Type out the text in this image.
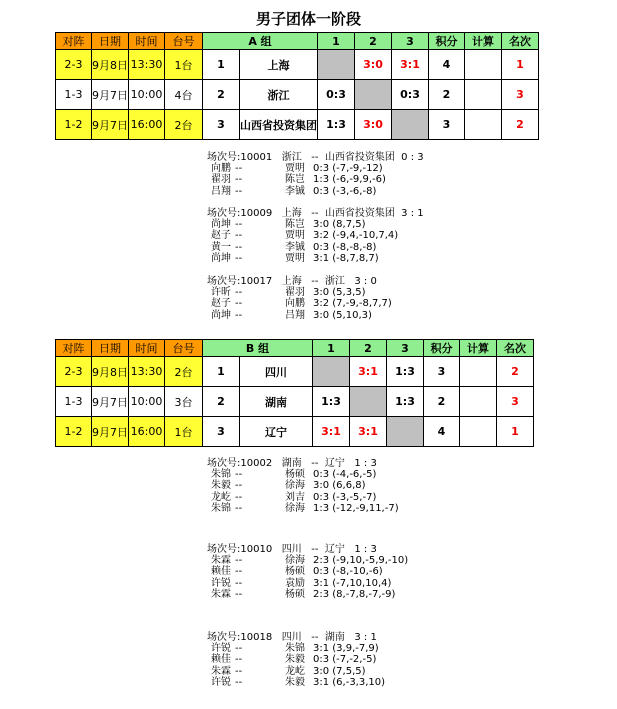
男子团体一阶段
对阵	日期	时间	台号	A 组		1	2	3	积分	计算	名次
2-3	9月8日	13:30	1台	1	上海		3:0	3:1	4		1
1-3	9月7日	10:00	4台	2	浙江	0:3		0:3	2		3
1-2	9月7日	16:00	2台	3	山西省投资集团	1:3	3:0		3		2
对阵	日期	时间	台号	B 组		1	2	3	积分	计算	名次
2-3	9月8日	13:30	2台	1	四川		3:1	1:3	3		2
1-3	9月7日	10:00	3台	2	湖南	1:3		1:3	2		3
1-2	9月7日	16:00	1台	3	辽宁	3:1	3:1		4		1
场次号:10001   浙江   --  山西省投资集团  0 : 3
向鹏 --	贾明 0:3 (-7,-9,-12)
翟羽 --	陈岂 1:3 (-6,-9,9,-6)
吕翔 --	李铖 0:3 (-3,-6,-8)
场次号:10009   上海   --  山西省投资集团  3 : 1
尚坤 --	陈岂 3:0 (8,7,5)
赵子 --	贾明 3:2 (-9,4,-10,7,4)
黄一 --	李铖 0:3 (-8,-8,-8)
尚坤 --	贾明 3:1 (-8,7,8,7)
场次号:10017   上海   --  浙江   3 : 0
许昕 --	翟羽 3:0 (5,3,5)
赵子 --	向鹏 3:2 (7,-9,-8,7,7)
尚坤 --	吕翔 3:0 (5,10,3)
场次号:10002   湖南   --  辽宁   1 : 3
朱锦 --	杨硕 0:3 (-4,-6,-5)
朱毅 --	徐海 3:0 (6,6,8)
龙屹 --	刘吉 0:3 (-3,-5,-7)
朱锦 --	徐海 1:3 (-12,-9,11,-7)
场次号:10010   四川   --  辽宁   1 : 3
朱霖 --	徐海 2:3 (-9,10,-5,9,-10)
赖佳 --	杨硕 0:3 (-8,-10,-6)
许锐 --	袁励 3:1 (-7,10,10,4)
朱霖 --	杨硕 2:3 (8,-7,8,-7,-9)
场次号:10018   四川   --  湖南   3 : 1
许锐 --	朱锦 3:1 (3,9,-7,9)
赖佳 --	朱毅 0:3 (-7,-2,-5)
朱霖 --	龙屹 3:0 (7,5,5)
许锐 --	朱毅 3:1 (6,-3,3,10)
